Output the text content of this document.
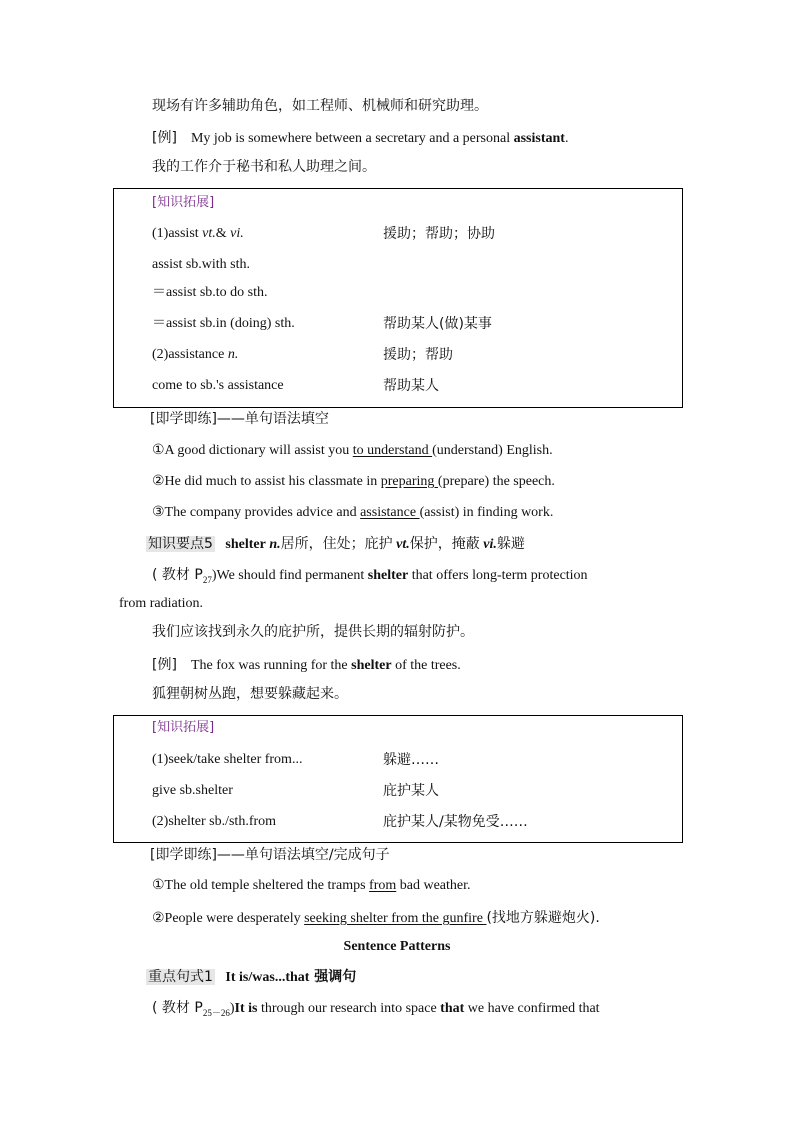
现场有许多辅助角色，如工程师、机械师和研究助理。
[例] My job is somewhere between a secretary and a personal assistant.
我的工作介于秘书和私人助理之间。
[知识拓展]
(1)assist vt.& vi.	援助；帮助；协助
assist sb.with sth.
＝assist sb.to do sth.
＝assist sb.in (doing) sth.	帮助某人(做)某事
(2)assistance n.	援助；帮助
come to sb.'s assistance	帮助某人
[即学即练]——单句语法填空
①A good dictionary will assist you to understand (understand) English.
②He did much to assist his classmate in preparing (prepare) the speech.
③The company provides advice and assistance (assist) in finding work.
知识要点5 shelter n.居所，住处；庇护 vt.保护，掩蔽 vi.躲避
( 教材 $P_{27})We$ should find permanent shelter that offers long-term protection
from radiation.
我们应该找到永久的庇护所，提供长期的辐射防护。
[例] The fox was running for the shelter of the trees.
狐狸朝树丛跑，想要躲藏起来。
[知识拓展]
(1)seek/take shelter from...	躲避……
give sb.shelter	庇护某人
(2)shelter sb./sth.from	庇护某人/某物免受……
[即学即练]——单句语法填空/完成句子
①The old temple sheltered the tramps from bad weather.
②People were desperately seeking shelter from the gunfire (找地方躲避炮火).
Sentence Patterns
重点句式1 It is/was...that 强调句
( 教材 $P_{25-26})It$ is through our research into space that we have confirmed that
